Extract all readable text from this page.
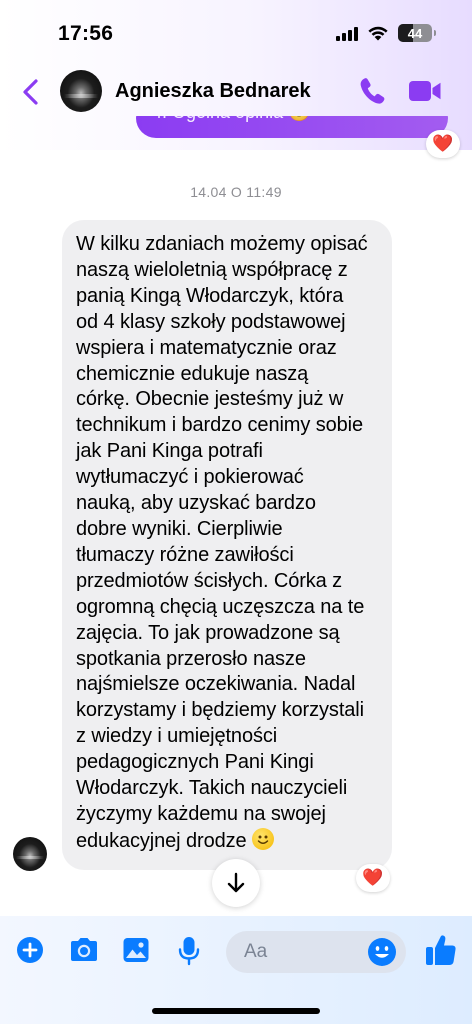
17:56	44
❤️
Agnieszka Bednarek
14.04 O 11:49
W kilku zdaniach możemy opisać
naszą wieloletnią współpracę z
panią Kingą Włodarczyk, która
od 4 klasy szkoły podstawowej
wspiera i matematycznie oraz
chemicznie edukuje naszą
córkę. Obecnie jesteśmy już w
technikum i bardzo cenimy sobie
jak Pani Kinga potrafi
wytłumaczyć i pokierować
nauką, aby uzyskać bardzo
dobre wyniki. Cierpliwie
tłumaczy różne zawiłości
przedmiotów ścisłych. Córka z
ogromną chęcią uczęszcza na te
zajęcia. To jak prowadzone są
spotkania przerosło nasze
najśmielsze oczekiwania. Nadal
korzystamy i będziemy korzystali
z wiedzy i umiejętności
pedagogicznych Pani Kingi
Włodarczyk. Takich nauczycieli
życzymy każdemu na swojej
edukacyjnej drodze
❤️
Aa
